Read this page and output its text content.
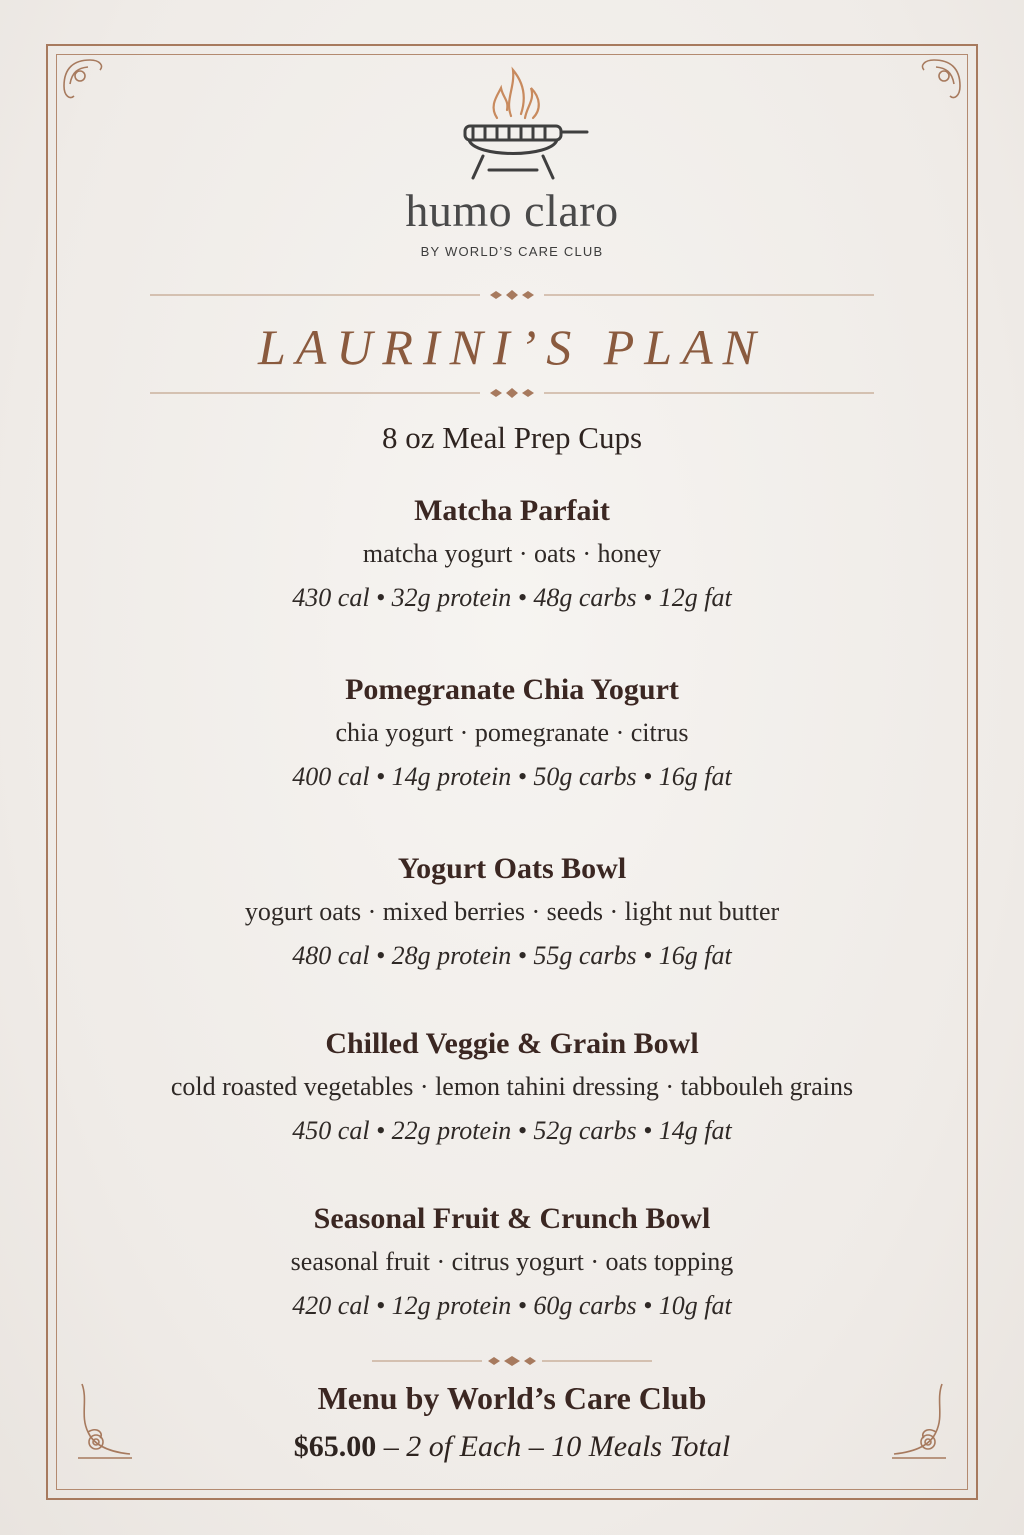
humo claro
BY WORLD’S CARE CLUB
LAURINI’S PLAN
8 oz Meal Prep Cups
Matcha Parfait
matcha yogurt · oats · honey
430 cal • 32g protein • 48g carbs • 12g fat
Pomegranate Chia Yogurt
chia yogurt · pomegranate · citrus
400 cal • 14g protein • 50g carbs • 16g fat
Yogurt Oats Bowl
yogurt oats · mixed berries · seeds · light nut butter
480 cal • 28g protein • 55g carbs • 16g fat
Chilled Veggie & Grain Bowl
cold roasted vegetables · lemon tahini dressing · tabbouleh grains
450 cal • 22g protein • 52g carbs • 14g fat
Seasonal Fruit & Crunch Bowl
seasonal fruit · citrus yogurt · oats topping
420 cal • 12g protein • 60g carbs • 10g fat
Menu by World’s Care Club
$65.00 – 2 of Each – 10 Meals Total
